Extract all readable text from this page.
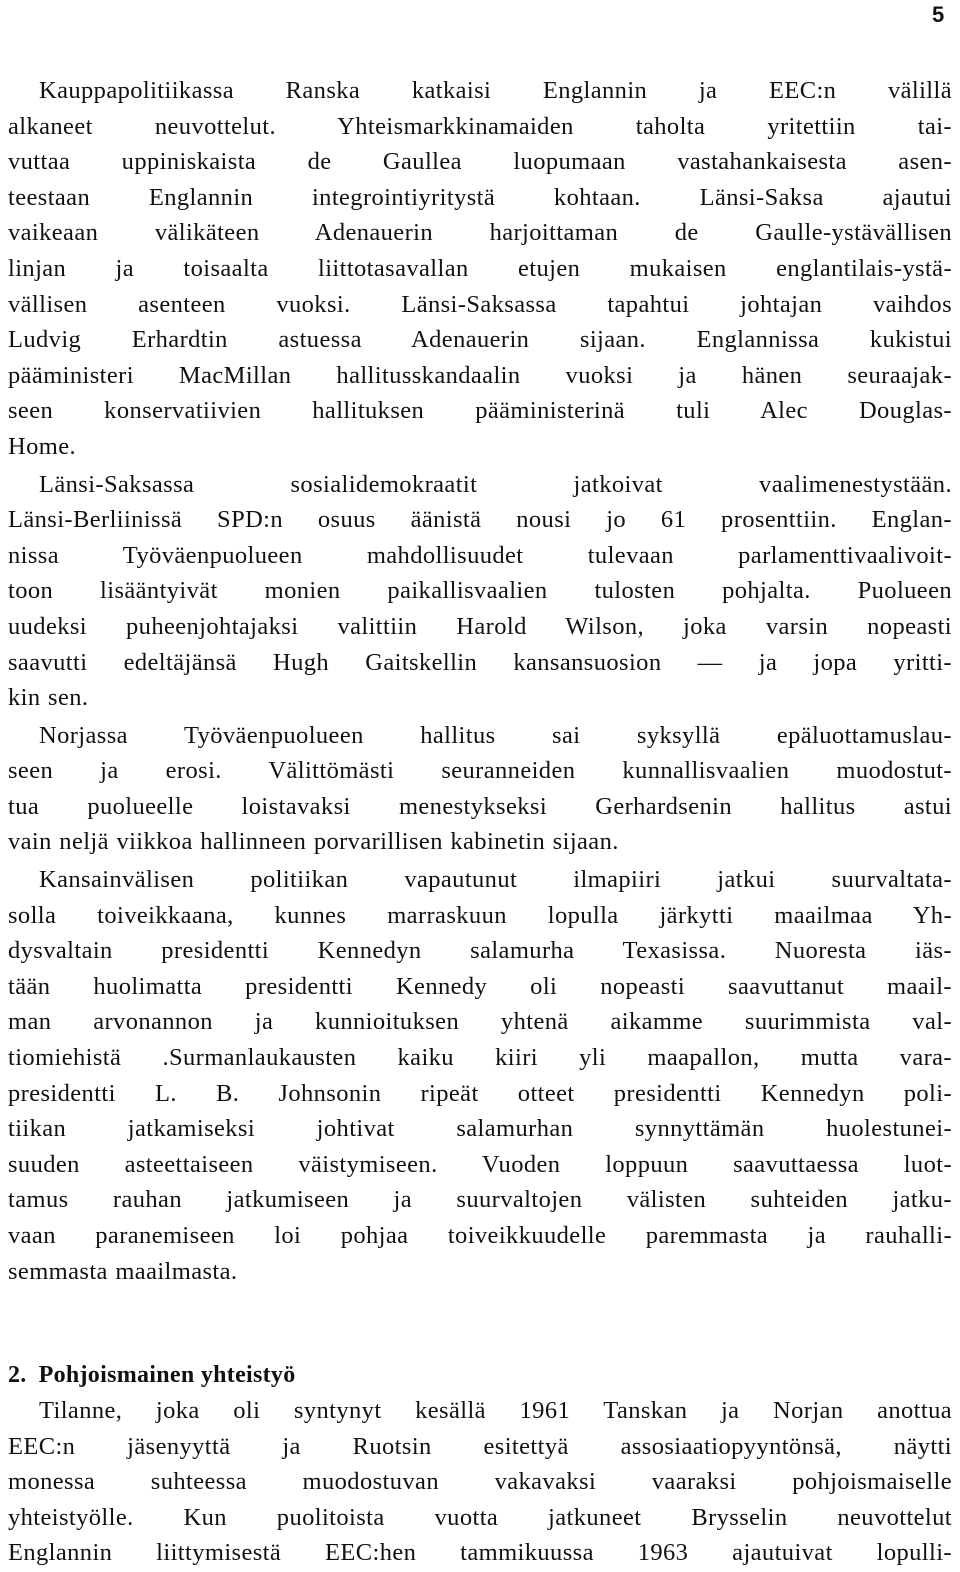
5
Kauppapolitiikassa Ranska katkaisi Englannin ja EEC:n välillä
alkaneet neuvottelut. Yhteismarkkinamaiden taholta yritettiin tai-
vuttaa uppiniskaista de Gaullea luopumaan vastahankaisesta asen-
teestaan Englannin integrointiyritystä kohtaan. Länsi-Saksa ajautui
vaikeaan välikäteen Adenauerin harjoittaman de Gaulle-ystävällisen
linjan ja toisaalta liittotasavallan etujen mukaisen englantilais-ystä-
vällisen asenteen vuoksi. Länsi-Saksassa tapahtui johtajan vaihdos
Ludvig Erhardtin astuessa Adenauerin sijaan. Englannissa kukistui
pääministeri MacMillan hallitusskandaalin vuoksi ja hänen seuraajak-
seen konservatiivien hallituksen pääministerinä tuli Alec Douglas-
Home.
Länsi-Saksassa sosialidemokraatit jatkoivat vaalimenestystään.
Länsi-Berliinissä SPD:n osuus äänistä nousi jo 61 prosenttiin. Englan-
nissa Työväenpuolueen mahdollisuudet tulevaan parlamenttivaalivoit-
toon lisääntyivät monien paikallisvaalien tulosten pohjalta. Puolueen
uudeksi puheenjohtajaksi valittiin Harold Wilson, joka varsin nopeasti
saavutti edeltäjänsä Hugh Gaitskellin kansansuosion — ja jopa yritti-
kin sen.
Norjassa Työväenpuolueen hallitus sai syksyllä epäluottamuslau-
seen ja erosi. Välittömästi seuranneiden kunnallisvaalien muodostut-
tua puolueelle loistavaksi menestykseksi Gerhardsenin hallitus astui
vain neljä viikkoa hallinneen porvarillisen kabinetin sijaan.
Kansainvälisen politiikan vapautunut ilmapiiri jatkui suurvaltata-
solla toiveikkaana, kunnes marraskuun lopulla järkytti maailmaa Yh-
dysvaltain presidentti Kennedyn salamurha Texasissa. Nuoresta iäs-
tään huolimatta presidentti Kennedy oli nopeasti saavuttanut maail-
man arvonannon ja kunnioituksen yhtenä aikamme suurimmista val-
tiomiehistä .Surmanlaukausten kaiku kiiri yli maapallon, mutta vara-
presidentti L. B. Johnsonin ripeät otteet presidentti Kennedyn poli-
tiikan jatkamiseksi johtivat salamurhan synnyttämän huolestunei-
suuden asteettaiseen väistymiseen. Vuoden loppuun saavuttaessa luot-
tamus rauhan jatkumiseen ja suurvaltojen välisten suhteiden jatku-
vaan paranemiseen loi pohjaa toiveikkuudelle paremmasta ja rauhalli-
semmasta maailmasta.
2. Pohjoismainen yhteistyö
Tilanne, joka oli syntynyt kesällä 1961 Tanskan ja Norjan anottua
EEC:n jäsenyyttä ja Ruotsin esitettyä assosiaatiopyyntönsä, näytti
monessa suhteessa muodostuvan vakavaksi vaaraksi pohjoismaiselle
yhteistyölle. Kun puolitoista vuotta jatkuneet Brysselin neuvottelut
Englannin liittymisestä EEC:hen tammikuussa 1963 ajautuivat lopulli-
